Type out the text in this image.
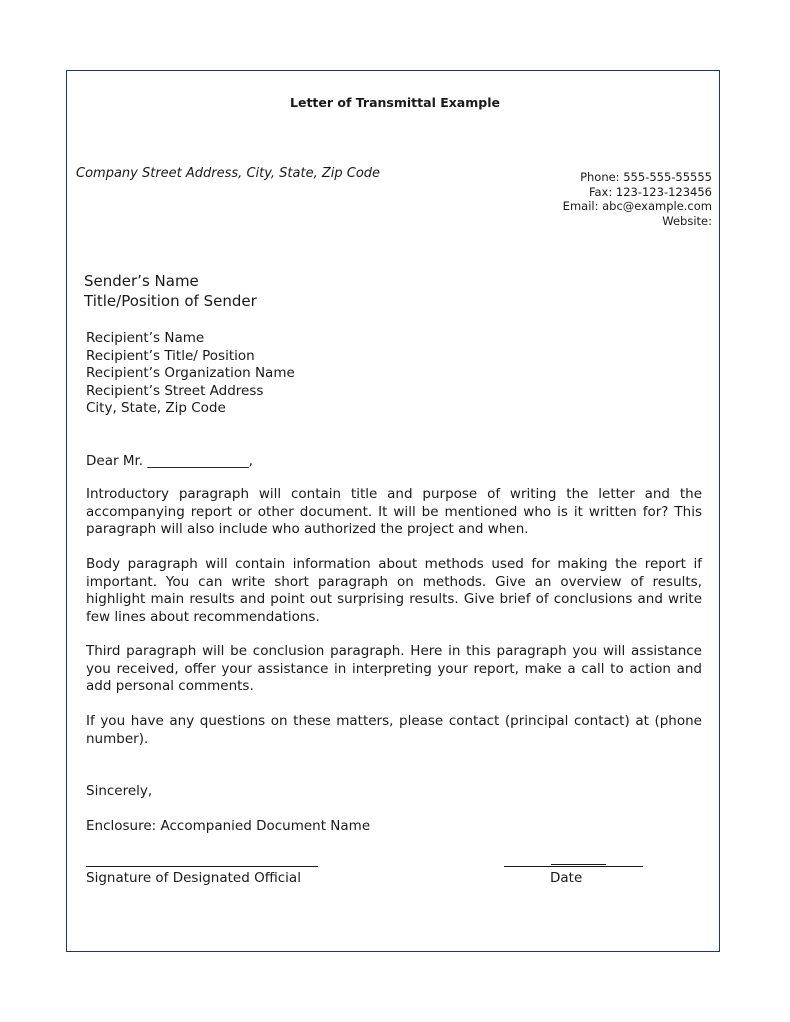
Letter of Transmittal Example
Company Street Address, City, State, Zip Code	Phone: 555-555-55555
Fax: 123-123-123456
Email: abc@example.com
Website:
Sender’s Name
Title/Position of Sender
Recipient’s Name
Recipient’s Title/ Position
Recipient’s Organization Name
Recipient’s Street Address
City, State, Zip Code
Dear Mr. _______________,

Introductory paragraph will contain title and purpose of writing the letter and the accompanying report or other document. It will be mentioned who is it written for? This paragraph will also include who authorized the project and when.

Body paragraph will contain information about methods used for making the report if important. You can write short paragraph on methods. Give an overview of results, highlight main results and point out surprising results. Give brief of conclusions and write few lines about recommendations.

Third paragraph will be conclusion paragraph. Here in this paragraph you will assistance you received, offer your assistance in interpreting your report, make a call to action and add personal comments.

If you have any questions on these matters, please contact (principal contact) at (phone number).

Sincerely,
Enclosure: Accompanied Document Name
Signature of Designated Official	Date
